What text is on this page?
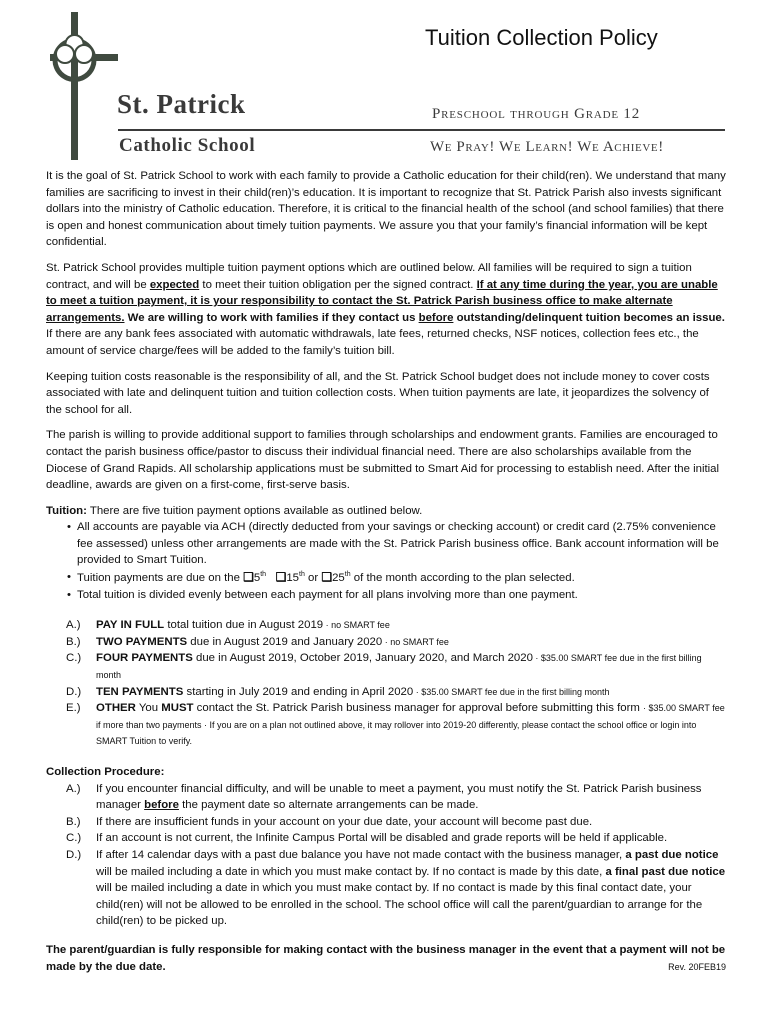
St. Patrick
Catholic School
Tuition Collection Policy
Preschool through Grade 12
We Pray! We Learn! We Achieve!

It is the goal of St. Patrick School to work with each family to provide a Catholic education for their child(ren). We understand that many families are sacrificing to invest in their child(ren)’s education. It is important to recognize that St. Patrick Parish also invests significant dollars into the ministry of Catholic education. Therefore, it is critical to the financial health of the school (and school families) that there is open and honest communication about timely tuition payments. We assure you that your family’s financial information will be kept confidential.

St. Patrick School provides multiple tuition payment options which are outlined below. All families will be required to sign a tuition contract, and will be expected to meet their tuition obligation per the signed contract. If at any time during the year, you are unable to meet a tuition payment, it is your responsibility to contact the St. Patrick Parish business office to make alternate arrangements. We are willing to work with families if they contact us before outstanding/delinquent tuition becomes an issue. If there are any bank fees associated with automatic withdrawals, late fees, returned checks, NSF notices, collection fees etc., the amount of service charge/fees will be added to the family’s tuition bill.

Keeping tuition costs reasonable is the responsibility of all, and the St. Patrick School budget does not include money to cover costs associated with late and delinquent tuition and tuition collection costs. When tuition payments are late, it jeopardizes the solvency of the school for all.

The parish is willing to provide additional support to families through scholarships and endowment grants. Families are encouraged to contact the parish business office/pastor to discuss their individual financial need. There are also scholarships available from the Diocese of Grand Rapids. All scholarship applications must be submitted to Smart Aid for processing to establish need. After the initial deadline, awards are given on a first-come, first-serve basis.

Tuition: There are five tuition payment options available as outlined below.
• All accounts are payable via ACH (directly deducted from your savings or checking account) or credit card (2.75% convenience fee assessed) unless other arrangements are made with the St. Patrick Parish business office. Bank account information will be provided to Smart Tuition.
• Tuition payments are due on the ❑5th ❑15th or ❑25th of the month according to the plan selected.
• Total tuition is divided evenly between each payment for all plans involving more than one payment.
A.) PAY IN FULL total tuition due in August 2019 · no SMART fee
B.) TWO PAYMENTS due in August 2019 and January 2020 · no SMART fee
C.) FOUR PAYMENTS due in August 2019, October 2019, January 2020, and March 2020 · $35.00 SMART fee due in the first billing month
D.) TEN PAYMENTS starting in July 2019 and ending in April 2020 · $35.00 SMART fee due in the first billing month
E.) OTHER You MUST contact the St. Patrick Parish business manager for approval before submitting this form · $35.00 SMART fee if more than two payments · If you are on a plan not outlined above, it may rollover into 2019-20 differently, please contact the school office or login into SMART Tuition to verify.
Collection Procedure:
A.) If you encounter financial difficulty, and will be unable to meet a payment, you must notify the St. Patrick Parish business manager before the payment date so alternate arrangements can be made.
B.) If there are insufficient funds in your account on your due date, your account will become past due.
C.) If an account is not current, the Infinite Campus Portal will be disabled and grade reports will be held if applicable.
D.) If after 14 calendar days with a past due balance you have not made contact with the business manager, a past due notice will be mailed including a date in which you must make contact by. If no contact is made by this date, a final past due notice will be mailed including a date in which you must make contact by. If no contact is made by this final contact date, your child(ren) will not be allowed to be enrolled in the school. The school office will call the parent/guardian to arrange for the child(ren) to be picked up.
The parent/guardian is fully responsible for making contact with the business manager in the event that a payment will not be made by the due date.	Rev. 20FEB19
